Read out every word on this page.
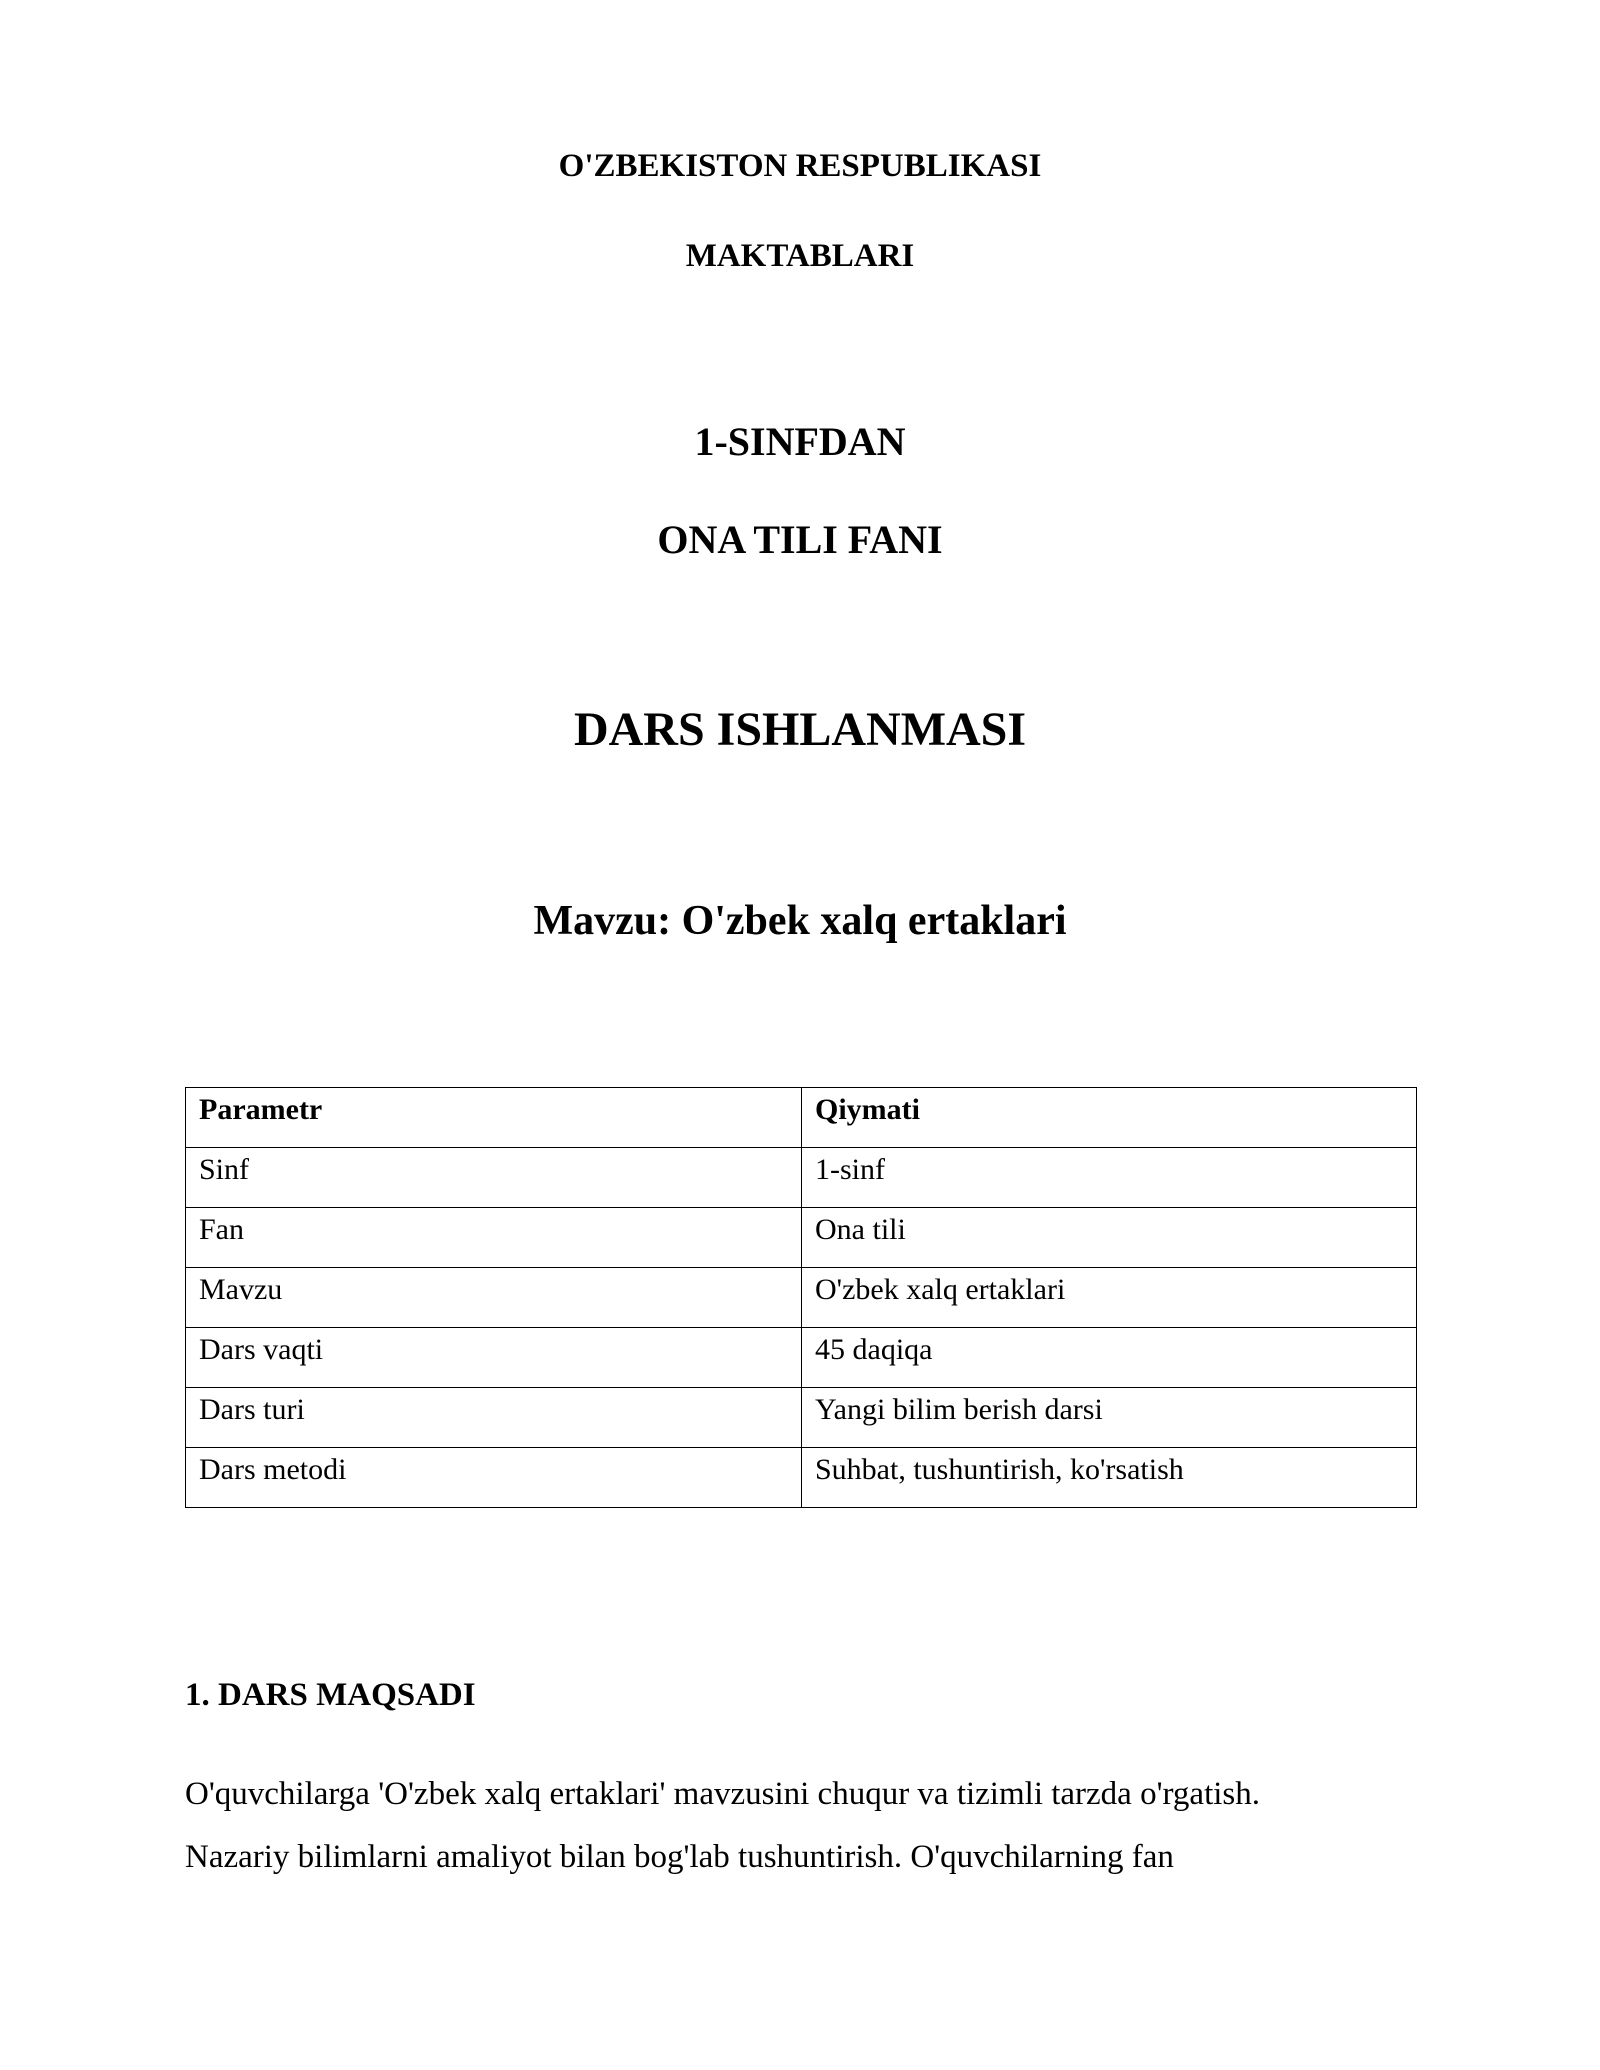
O'ZBEKISTON RESPUBLIKASI
MAKTABLARI
1-SINFDAN
ONA TILI FANI
DARS ISHLANMASI
Mavzu: O'zbek xalq ertaklari
Parametr	Qiymati
Sinf	1-sinf
Fan	Ona tili
Mavzu	O'zbek xalq ertaklari
Dars vaqti	45 daqiqa
Dars turi	Yangi bilim berish darsi
Dars metodi	Suhbat, tushuntirish, ko'rsatish
1. DARS MAQSADI
O'quvchilarga 'O'zbek xalq ertaklari' mavzusini chuqur va tizimli tarzda o'rgatish.
Nazariy bilimlarni amaliyot bilan bog'lab tushuntirish. O'quvchilarning fan
